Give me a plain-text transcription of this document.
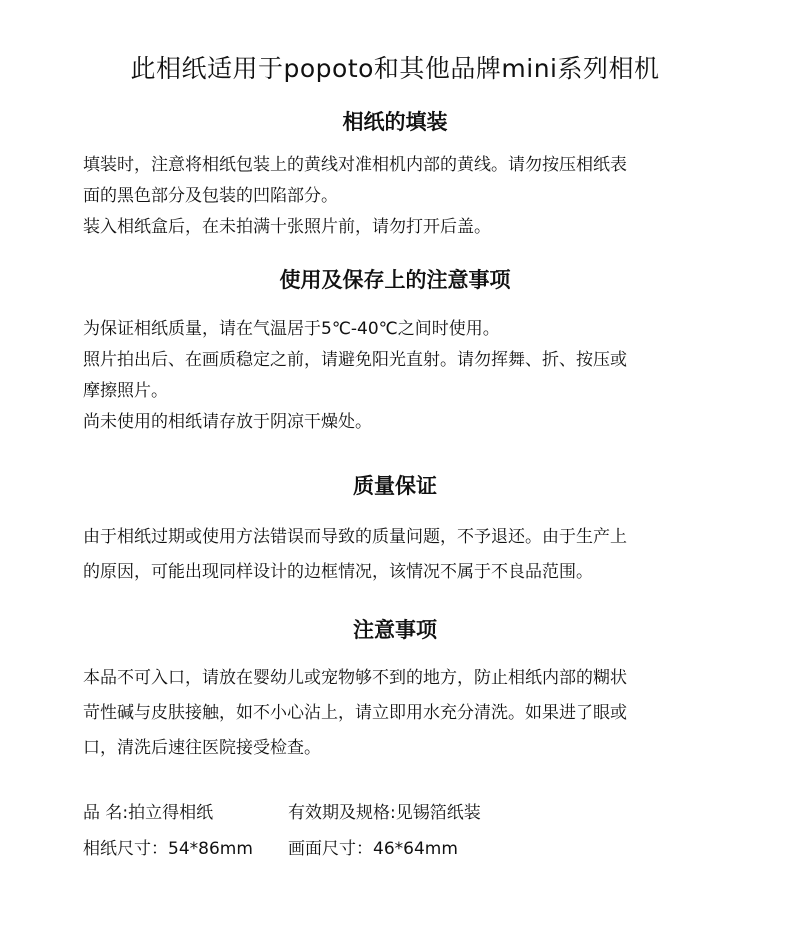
此相纸适用于popoto和其他品牌mini系列相机
相纸的填装
填装时，注意将相纸包装上的黄线对准相机内部的黄线。请勿按压相纸表
面的黑色部分及包装的凹陷部分。
装入相纸盒后，在未拍满十张照片前，请勿打开后盖。
使用及保存上的注意事项
为保证相纸质量，请在气温居于5℃-40℃之间时使用。
照片拍出后、在画质稳定之前，请避免阳光直射。请勿挥舞、折、按压或
摩擦照片。
尚未使用的相纸请存放于阴凉干燥处。
质量保证
由于相纸过期或使用方法错误而导致的质量问题，不予退还。由于生产上
的原因，可能出现同样设计的边框情况，该情况不属于不良品范围。
注意事项
本品不可入口，请放在婴幼儿或宠物够不到的地方，防止相纸内部的糊状
苛性碱与皮肤接触，如不小心沾上，请立即用水充分清洗。如果进了眼或
口，清洗后速往医院接受检查。
品 名:拍立得相纸	有效期及规格:见锡箔纸装
相纸尺寸：54*86mm 画面尺寸：46*64mm
